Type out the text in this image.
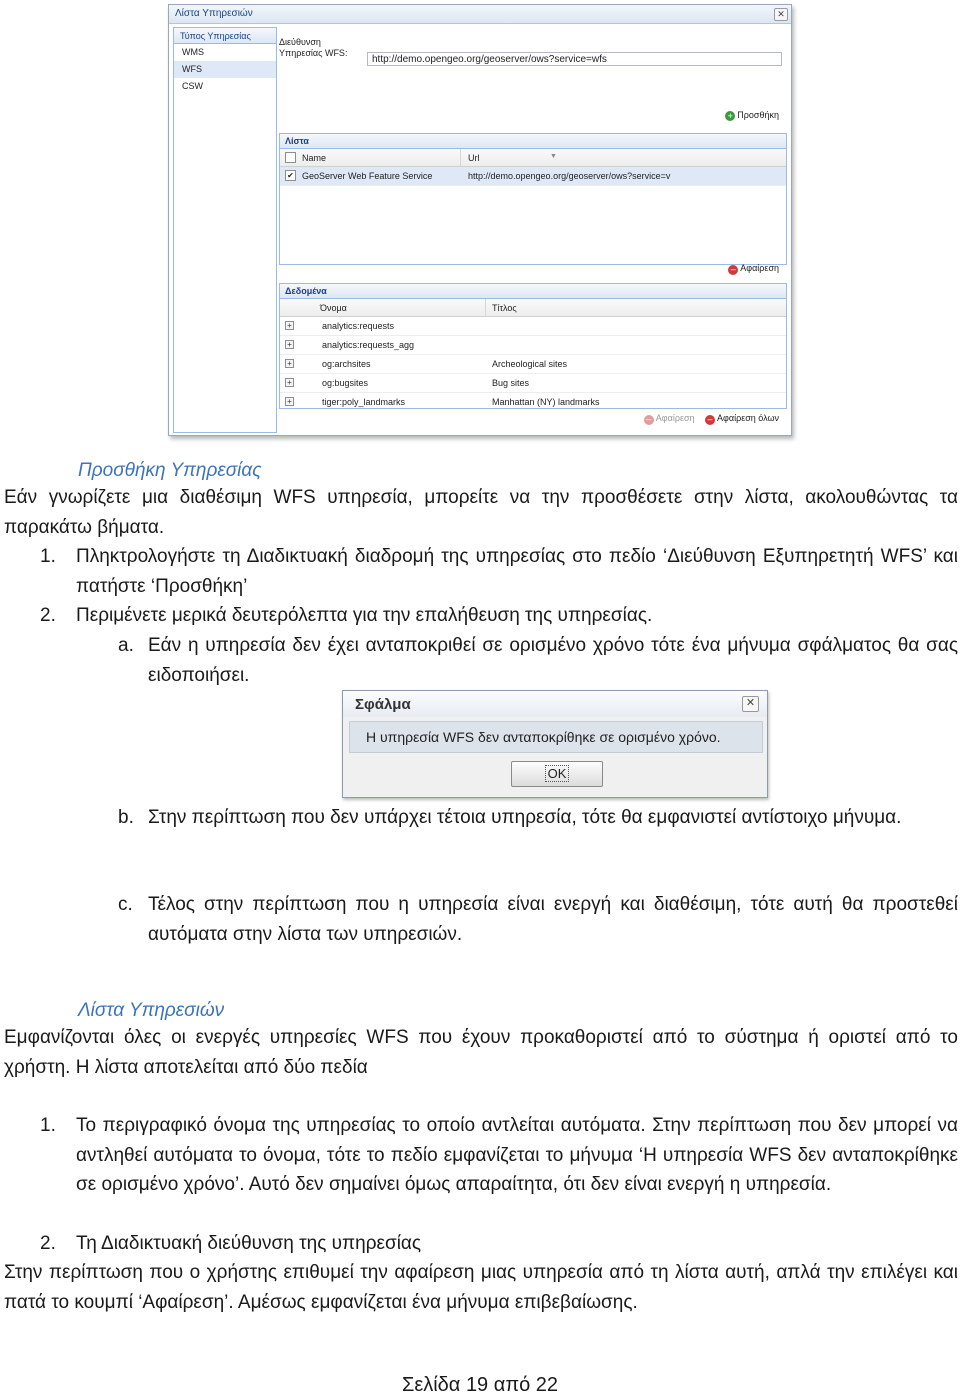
Λίστα Υπηρεσιών	✕
Τύπος Υπηρεσίας
WMS
WFS
CSW
Διεύθυνση
Υπηρεσίας WFS:
http://demo.opengeo.org/geoserver/ows?service=wfs
+ Προσθήκη
Λίστα
Name	Url	▼
✔ GeoServer Web Feature Service	http://demo.opengeo.org/geoserver/ows?service=v
– Αφαίρεση
Δεδομένα
Όνομα	Τίτλος
+	analytics:requests
+	analytics:requests_agg
+	og:archsites	Archeological sites
+	og:bugsites	Bug sites
+	tiger:poly_landmarks	Manhattan (NY) landmarks
– Αφαίρεση – Αφαίρεση όλων
Προσθήκη Υπηρεσίας

Εάν γνωρίζετε μια διαθέσιμη WFS υπηρεσία, μπορείτε να την προσθέσετε στην λίστα, ακολουθώντας τα παρακάτω βήματα.

1. Πληκτρολογήστε τη Διαδικτυακή διαδρομή της υπηρεσίας στο πεδίο ‘Διεύθυνση Εξυπηρετητή WFS’ και πατήστε ‘Προσθήκη’
2. Περιμένετε μερικά δευτερόλεπτα για την επαλήθευση της υπηρεσίας.
a. Εάν η υπηρεσία δεν έχει ανταποκριθεί σε ορισμένο χρόνο τότε ένα μήνυμα σφάλματος θα σας ειδοποιήσει.
Σφάλμα	✕
Η υπηρεσία WFS δεν ανταποκρίθηκε σε ορισμένο χρόνο.
OK
b. Στην περίπτωση που δεν υπάρχει τέτοια υπηρεσία, τότε θα εμφανιστεί αντίστοιχο μήνυμα.
c. Τέλος στην περίπτωση που η υπηρεσία είναι ενεργή και διαθέσιμη, τότε αυτή θα προστεθεί αυτόματα στην λίστα των υπηρεσιών.
Λίστα Υπηρεσιών

Εμφανίζονται όλες οι ενεργές υπηρεσίες WFS που έχουν προκαθοριστεί από το σύστημα ή οριστεί από το χρήστη. Η λίστα αποτελείται από δύο πεδία

1. Το περιγραφικό όνομα της υπηρεσίας το οποίο αντλείται αυτόματα. Στην περίπτωση που δεν μπορεί να αντληθεί αυτόματα το όνομα, τότε το πεδίο εμφανίζεται το μήνυμα ‘Η υπηρεσία WFS δεν ανταποκρίθηκε σε ορισμένο χρόνο’. Αυτό δεν σημαίνει όμως απαραίτητα, ότι δεν είναι ενεργή η υπηρεσία.
2. Τη Διαδικτυακή διεύθυνση της υπηρεσίας

Στην περίπτωση που ο χρήστης επιθυμεί την αφαίρεση μιας υπηρεσία από τη λίστα αυτή, απλά την επιλέγει και πατά το κουμπί ‘Αφαίρεση’. Αμέσως εμφανίζεται ένα μήνυμα επιβεβαίωσης.

Σελίδα 19 από 22
